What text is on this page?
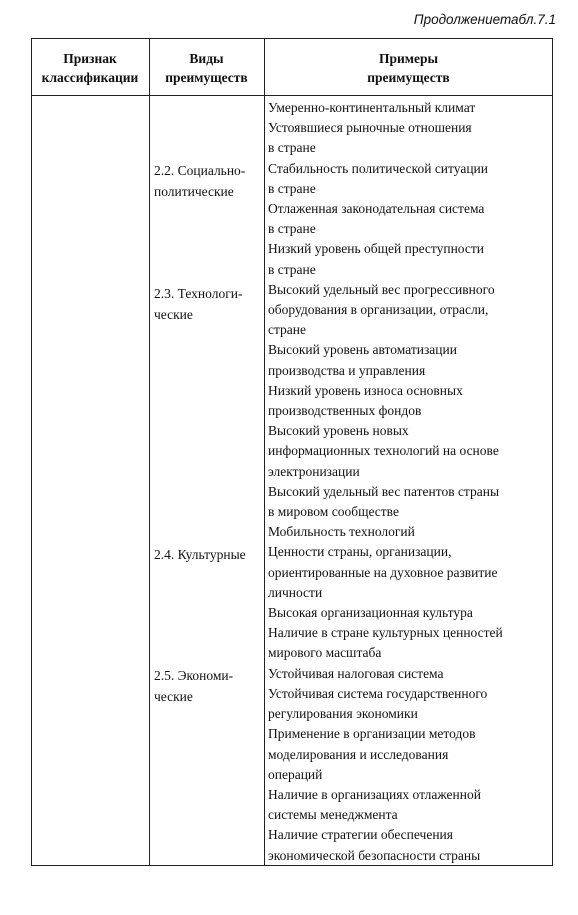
Продолжениетабл.7.1
Признак
классификации
Виды
преимуществ
Примеры
преимуществ
2.2. Социально-
политические
2.3. Технологи-
ческие
2.4. Культурные
2.5. Экономи-
ческие
Умеренно-континентальный климат
Устоявшиеся рыночные отношения
в стране
Стабильность политической ситуации
в стране
Отлаженная законодательная система
в стране
Низкий уровень общей преступности
в стране
Высокий удельный вес прогрессивного
оборудования в организации, отрасли,
стране
Высокий уровень автоматизации
производства и управления
Низкий уровень износа основных
производственных фондов
Высокий уровень новых
информационных технологий на основе
электронизации
Высокий удельный вес патентов страны
в мировом сообществе
Мобильность технологий
Ценности страны, организации,
ориентированные на духовное развитие
личности
Высокая организационная культура
Наличие в стране культурных ценностей
мирового масштаба
Устойчивая налоговая система
Устойчивая система государственного
регулирования экономики
Применение в организации методов
моделирования и исследования
операций
Наличие в организациях отлаженной
системы менеджмента
Наличие стратегии обеспечения
экономической безопасности страны
